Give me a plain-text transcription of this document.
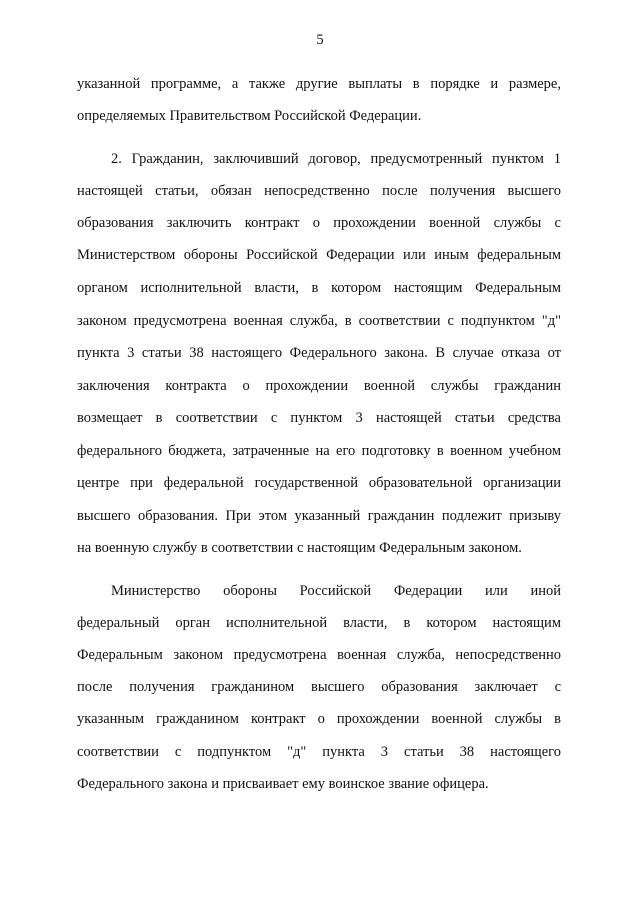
5
указанной программе, а также другие выплаты в порядке и размере,
определяемых Правительством Российской Федерации.
2. Гражданин, заключивший договор, предусмотренный пунктом 1
настоящей статьи, обязан непосредственно после получения высшего
образования заключить контракт о прохождении военной службы с
Министерством обороны Российской Федерации или иным федеральным
органом исполнительной власти, в котором настоящим Федеральным
законом предусмотрена военная служба, в соответствии с подпунктом "д"
пункта 3 статьи 38 настоящего Федерального закона. В случае отказа от
заключения контракта о прохождении военной службы гражданин
возмещает в соответствии с пунктом 3 настоящей статьи средства
федерального бюджета, затраченные на его подготовку в военном учебном
центре при федеральной государственной образовательной организации
высшего образования. При этом указанный гражданин подлежит призыву
на военную службу в соответствии с настоящим Федеральным законом.
Министерство обороны Российской Федерации или иной
федеральный орган исполнительной власти, в котором настоящим
Федеральным законом предусмотрена военная служба, непосредственно
после получения гражданином высшего образования заключает с
указанным гражданином контракт о прохождении военной службы в
соответствии с подпунктом "д" пункта 3 статьи 38 настоящего
Федерального закона и присваивает ему воинское звание офицера.
